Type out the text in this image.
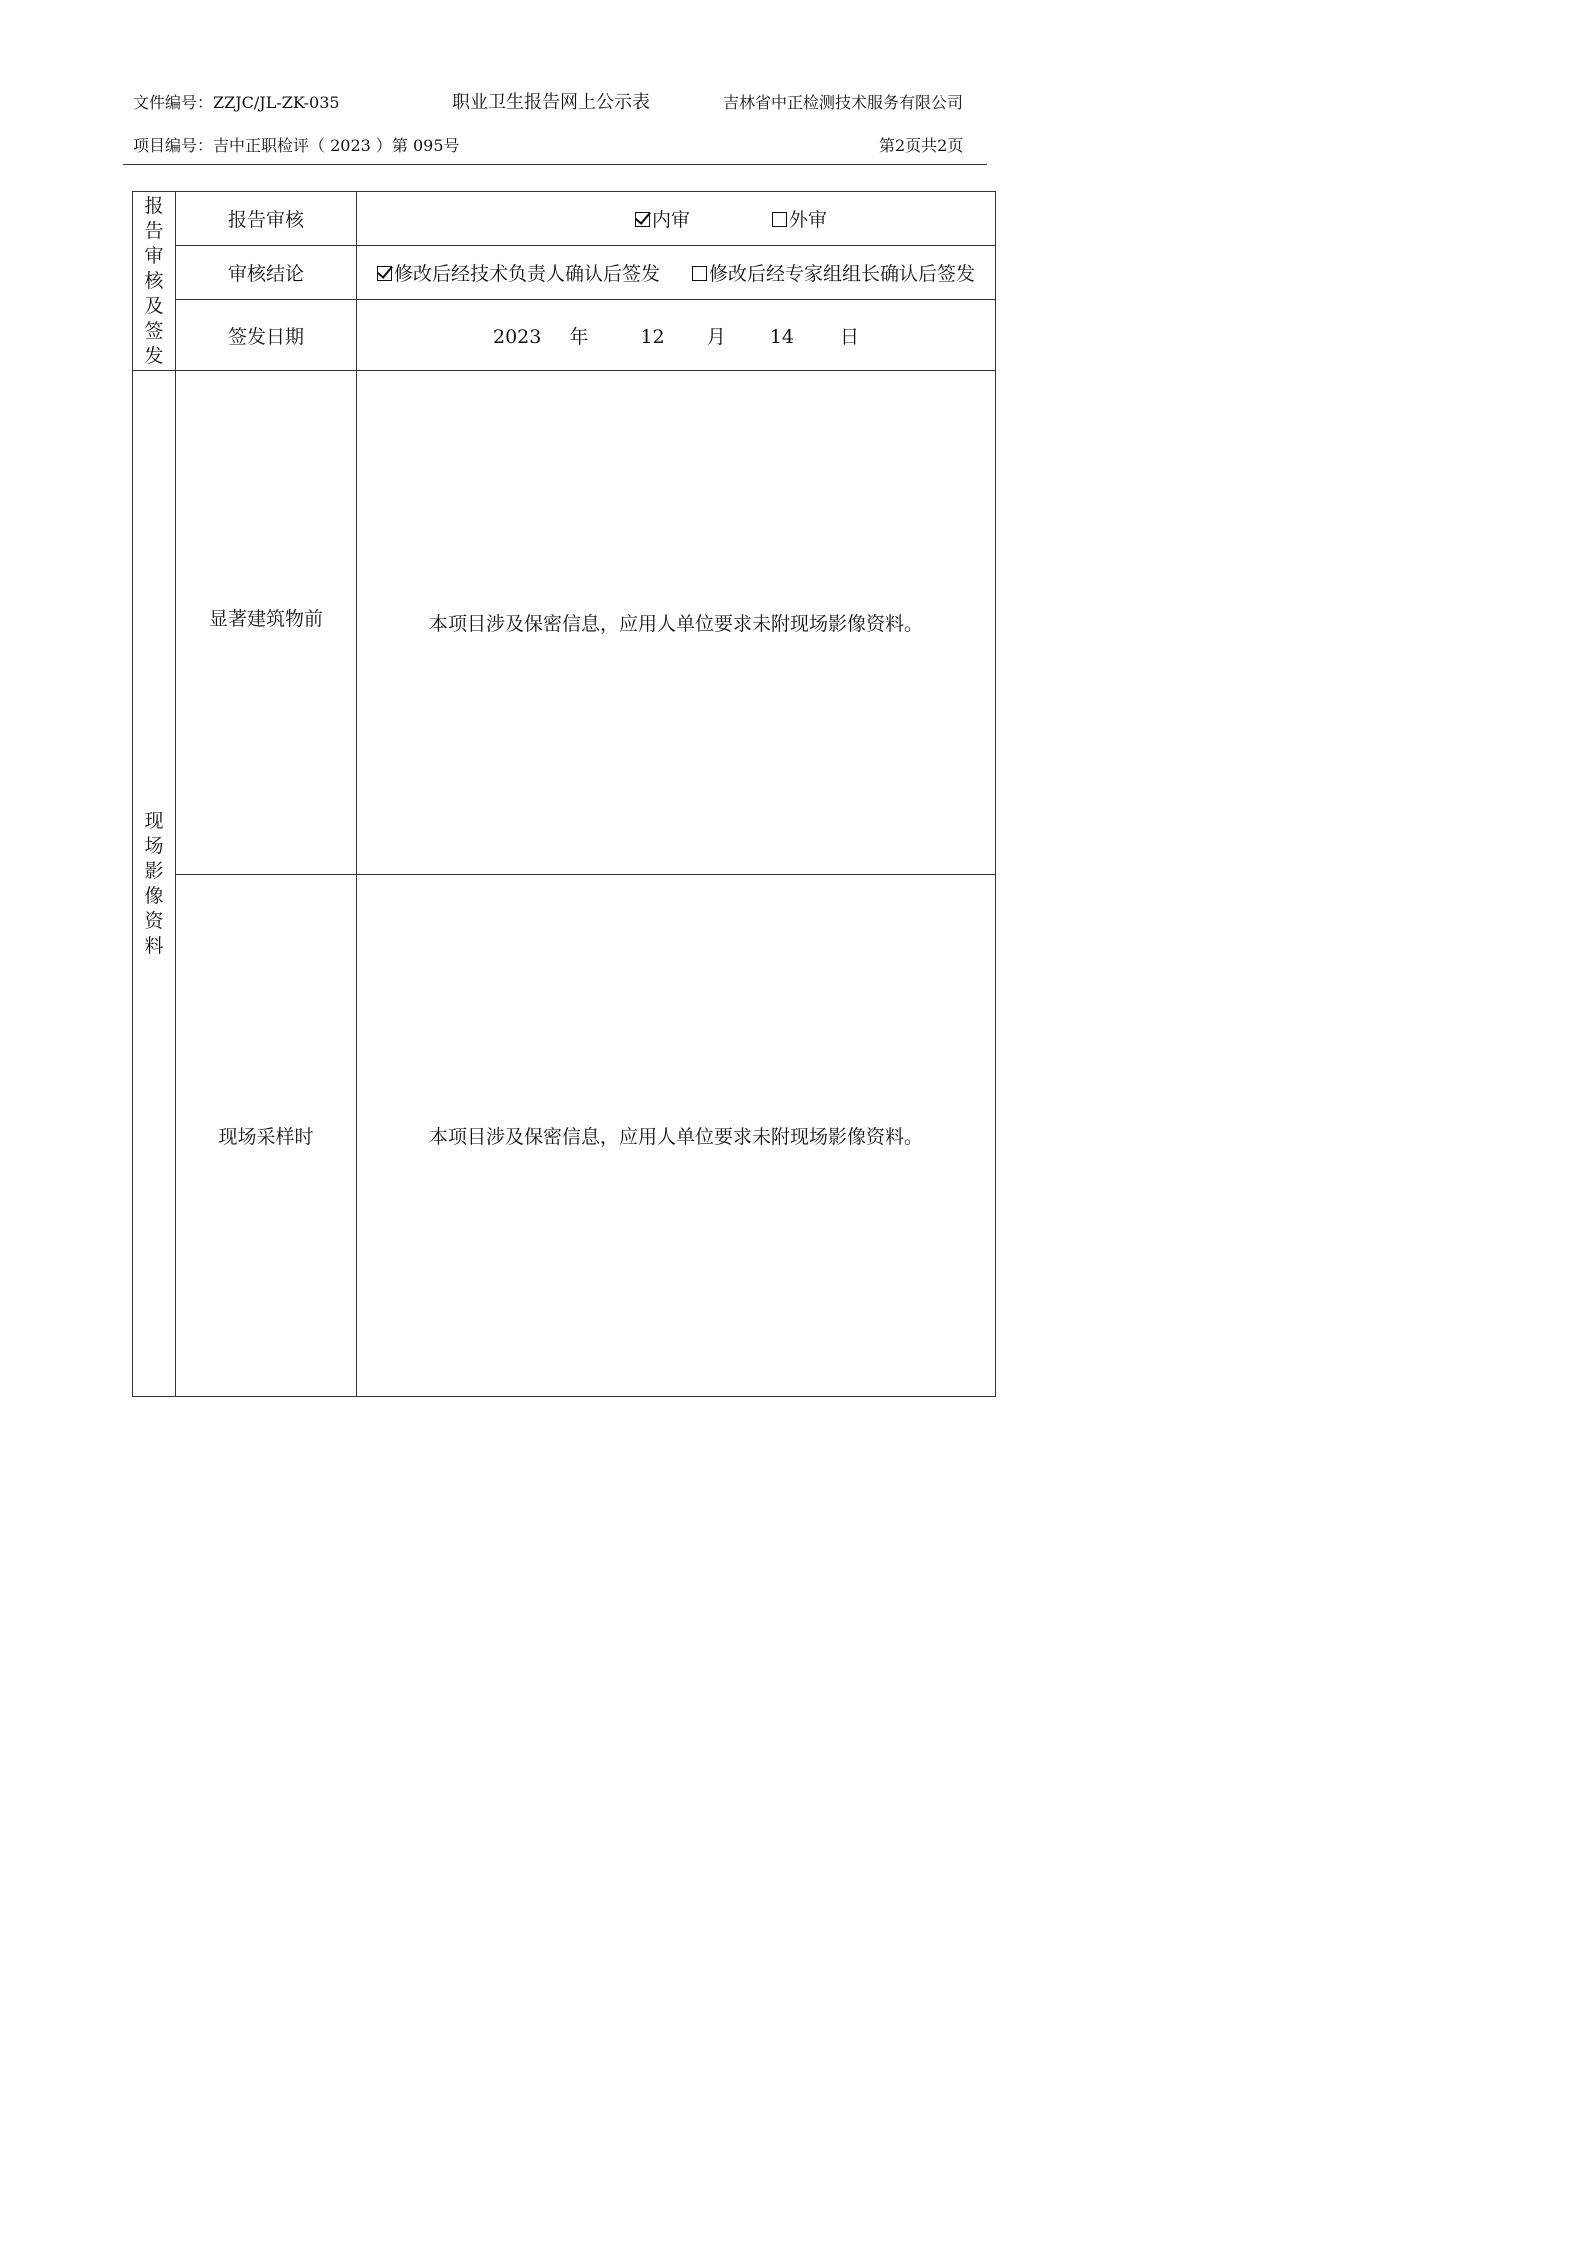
文件编号：ZZJC/JL-ZK-035	职业卫生报告网上公示表	吉林省中正检测技术服务有限公司
项目编号：吉中正职检评（ 2023 ）第 095号	第2页共2页
报告审核及签发	报告审核	内审 外审
	审核结论	修改后经技术负责人确认后签发 修改后经专家组组长确认后签发
	签发日期	2023 年 12 月 14 日
现场影像资料	显著建筑物前	本项目涉及保密信息，应用人单位要求未附现场影像资料。
	现场采样时	本项目涉及保密信息，应用人单位要求未附现场影像资料。
